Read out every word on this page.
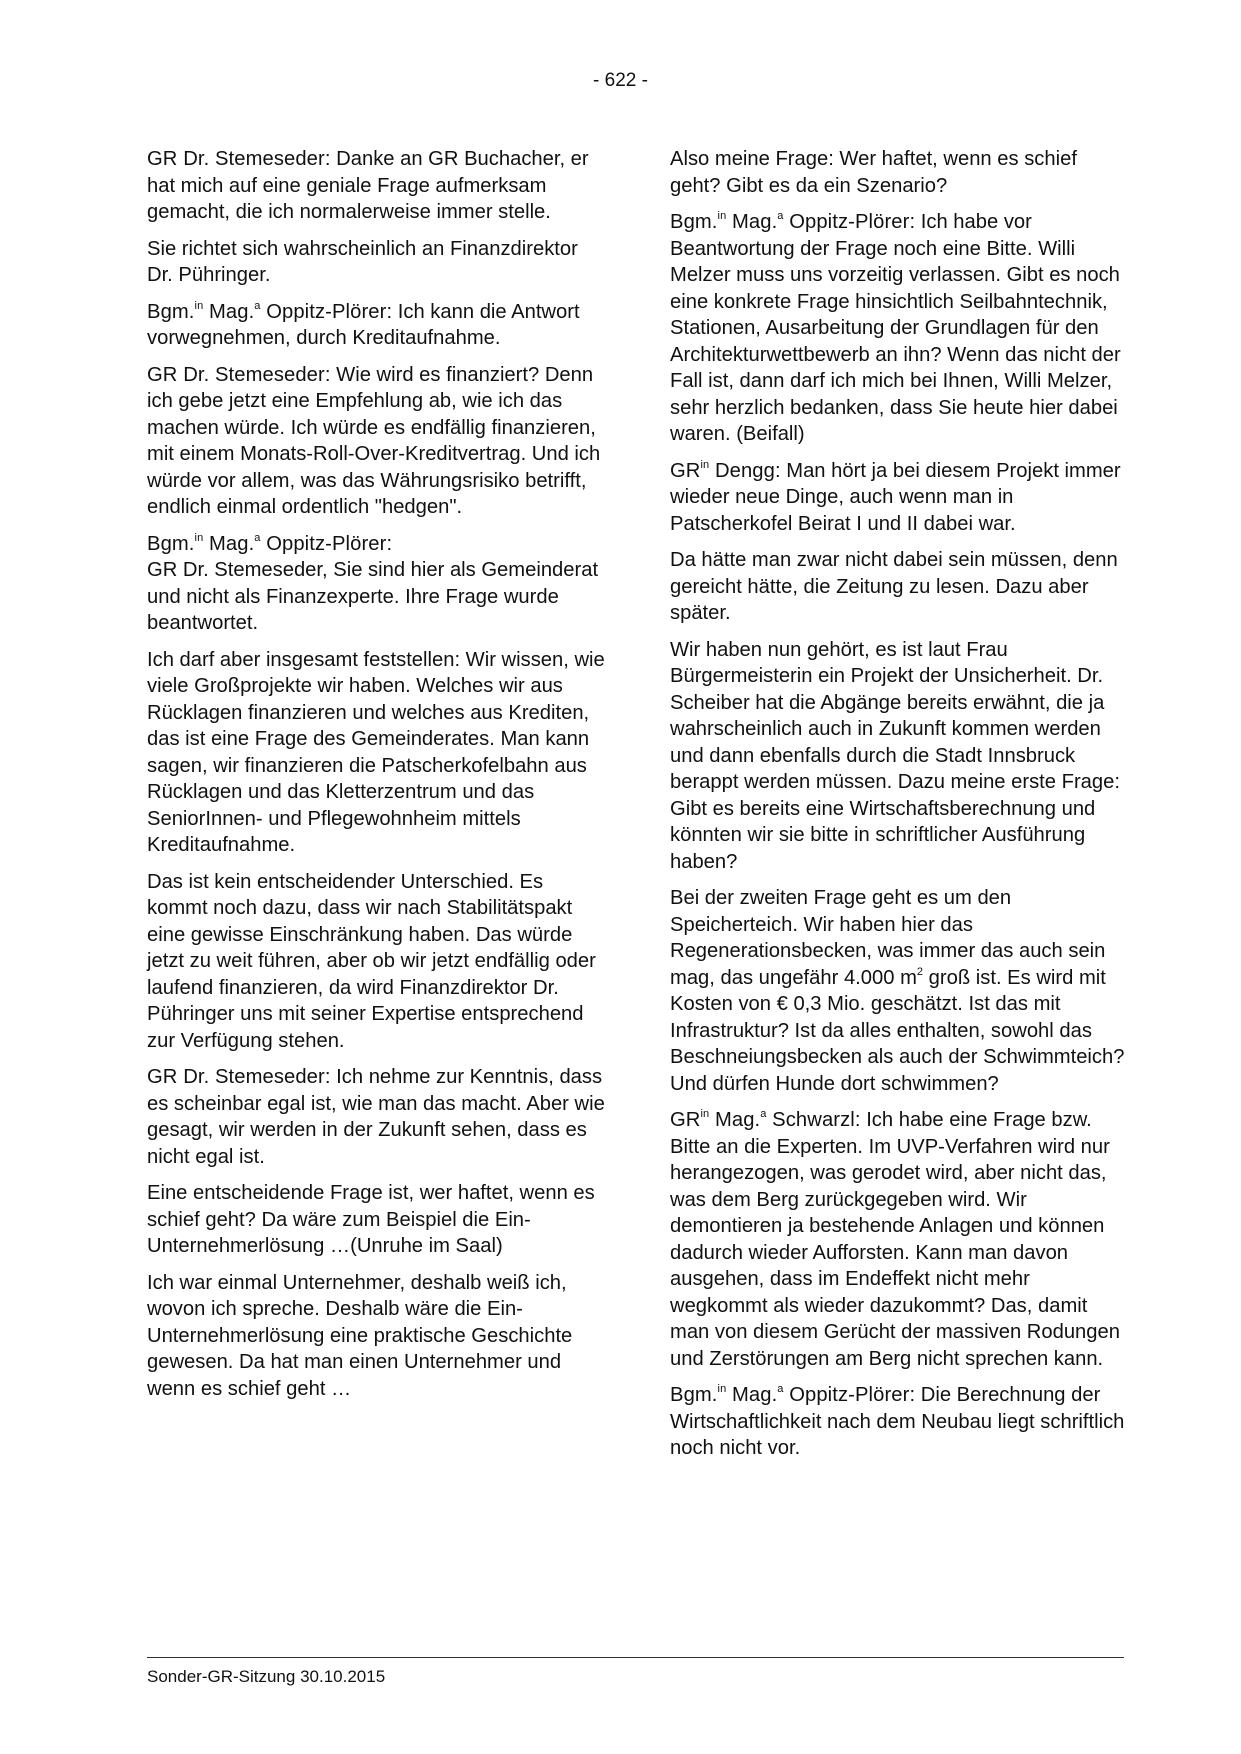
- 622 -

GR Dr. Stemeseder: Danke an GR Buchacher, er hat mich auf eine geniale Frage aufmerksam gemacht, die ich normalerweise immer stelle.

Sie richtet sich wahrscheinlich an Finanzdirektor Dr. Pühringer.

Bgm.$^{in}$ Mag.$^a$ Oppitz-Plörer: Ich kann die Antwort vorwegnehmen, durch Kreditaufnahme.

GR Dr. Stemeseder: Wie wird es finanziert? Denn ich gebe jetzt eine Empfehlung ab, wie ich das machen würde. Ich würde es endfällig finanzieren, mit einem Monats-Roll-Over-Kreditvertrag. Und ich würde vor allem, was das Währungsrisiko betrifft, endlich einmal ordentlich "hedgen".

Bgm.$^{in}$ Mag.$^a$ Oppitz-Plörer:
GR Dr. Stemeseder, Sie sind hier als Gemeinderat und nicht als Finanzexperte. Ihre Frage wurde beantwortet.

Ich darf aber insgesamt feststellen: Wir wissen, wie viele Großprojekte wir haben. Welches wir aus Rücklagen finanzieren und welches aus Krediten, das ist eine Frage des Gemeinderates. Man kann sagen, wir finanzieren die Patscherkofelbahn aus Rücklagen und das Kletterzentrum und das SeniorInnen- und Pflegewohnheim mittels Kreditaufnahme.

Das ist kein entscheidender Unterschied. Es kommt noch dazu, dass wir nach Stabilitätspakt eine gewisse Einschränkung haben. Das würde jetzt zu weit führen, aber ob wir jetzt endfällig oder laufend finanzieren, da wird Finanzdirektor Dr. Pühringer uns mit seiner Expertise entsprechend zur Verfügung stehen.

GR Dr. Stemeseder: Ich nehme zur Kenntnis, dass es scheinbar egal ist, wie man das macht. Aber wie gesagt, wir werden in der Zukunft sehen, dass es nicht egal ist.

Eine entscheidende Frage ist, wer haftet, wenn es schief geht? Da wäre zum Beispiel die Ein-Unternehmerlösung …(Unruhe im Saal)

Ich war einmal Unternehmer, deshalb weiß ich, wovon ich spreche. Deshalb wäre die Ein-Unternehmerlösung eine praktische Geschichte gewesen. Da hat man einen Unternehmer und wenn es schief geht …

Also meine Frage: Wer haftet, wenn es schief geht? Gibt es da ein Szenario?

Bgm.$^{in}$ Mag.$^a$ Oppitz-Plörer: Ich habe vor Beantwortung der Frage noch eine Bitte. Willi Melzer muss uns vorzeitig verlassen. Gibt es noch eine konkrete Frage hinsichtlich Seilbahntechnik, Stationen, Ausarbeitung der Grundlagen für den Architekturwettbewerb an ihn? Wenn das nicht der Fall ist, dann darf ich mich bei Ihnen, Willi Melzer, sehr herzlich bedanken, dass Sie heute hier dabei waren. (Beifall)

$GR^{in}$ Dengg: Man hört ja bei diesem Projekt immer wieder neue Dinge, auch wenn man in Patscherkofel Beirat I und II dabei war.

Da hätte man zwar nicht dabei sein müssen, denn gereicht hätte, die Zeitung zu lesen. Dazu aber später.

Wir haben nun gehört, es ist laut Frau Bürgermeisterin ein Projekt der Unsicherheit. Dr. Scheiber hat die Abgänge bereits erwähnt, die ja wahrscheinlich auch in Zukunft kommen werden und dann ebenfalls durch die Stadt Innsbruck berappt werden müssen. Dazu meine erste Frage: Gibt es bereits eine Wirtschaftsberechnung und könnten wir sie bitte in schriftlicher Ausführung haben?

Bei der zweiten Frage geht es um den Speicherteich. Wir haben hier das Regenerationsbecken, was immer das auch sein mag, das ungefähr 4.000 $m^2$ groß ist. Es wird mit Kosten von € 0,3 Mio. geschätzt. Ist das mit Infrastruktur? Ist da alles enthalten, sowohl das Beschneiungsbecken als auch der Schwimmteich? Und dürfen Hunde dort schwimmen?

$GR^{in}$ Mag.$^a$ Schwarzl: Ich habe eine Frage bzw. Bitte an die Experten. Im UVP-Verfahren wird nur herangezogen, was gerodet wird, aber nicht das, was dem Berg zurückgegeben wird. Wir demontieren ja bestehende Anlagen und können dadurch wieder Aufforsten. Kann man davon ausgehen, dass im Endeffekt nicht mehr wegkommt als wieder dazukommt? Das, damit man von diesem Gerücht der massiven Rodungen und Zerstörungen am Berg nicht sprechen kann.

Bgm.$^{in}$ Mag.$^a$ Oppitz-Plörer: Die Berechnung der Wirtschaftlichkeit nach dem Neubau liegt schriftlich noch nicht vor.

Sonder-GR-Sitzung 30.10.2015
